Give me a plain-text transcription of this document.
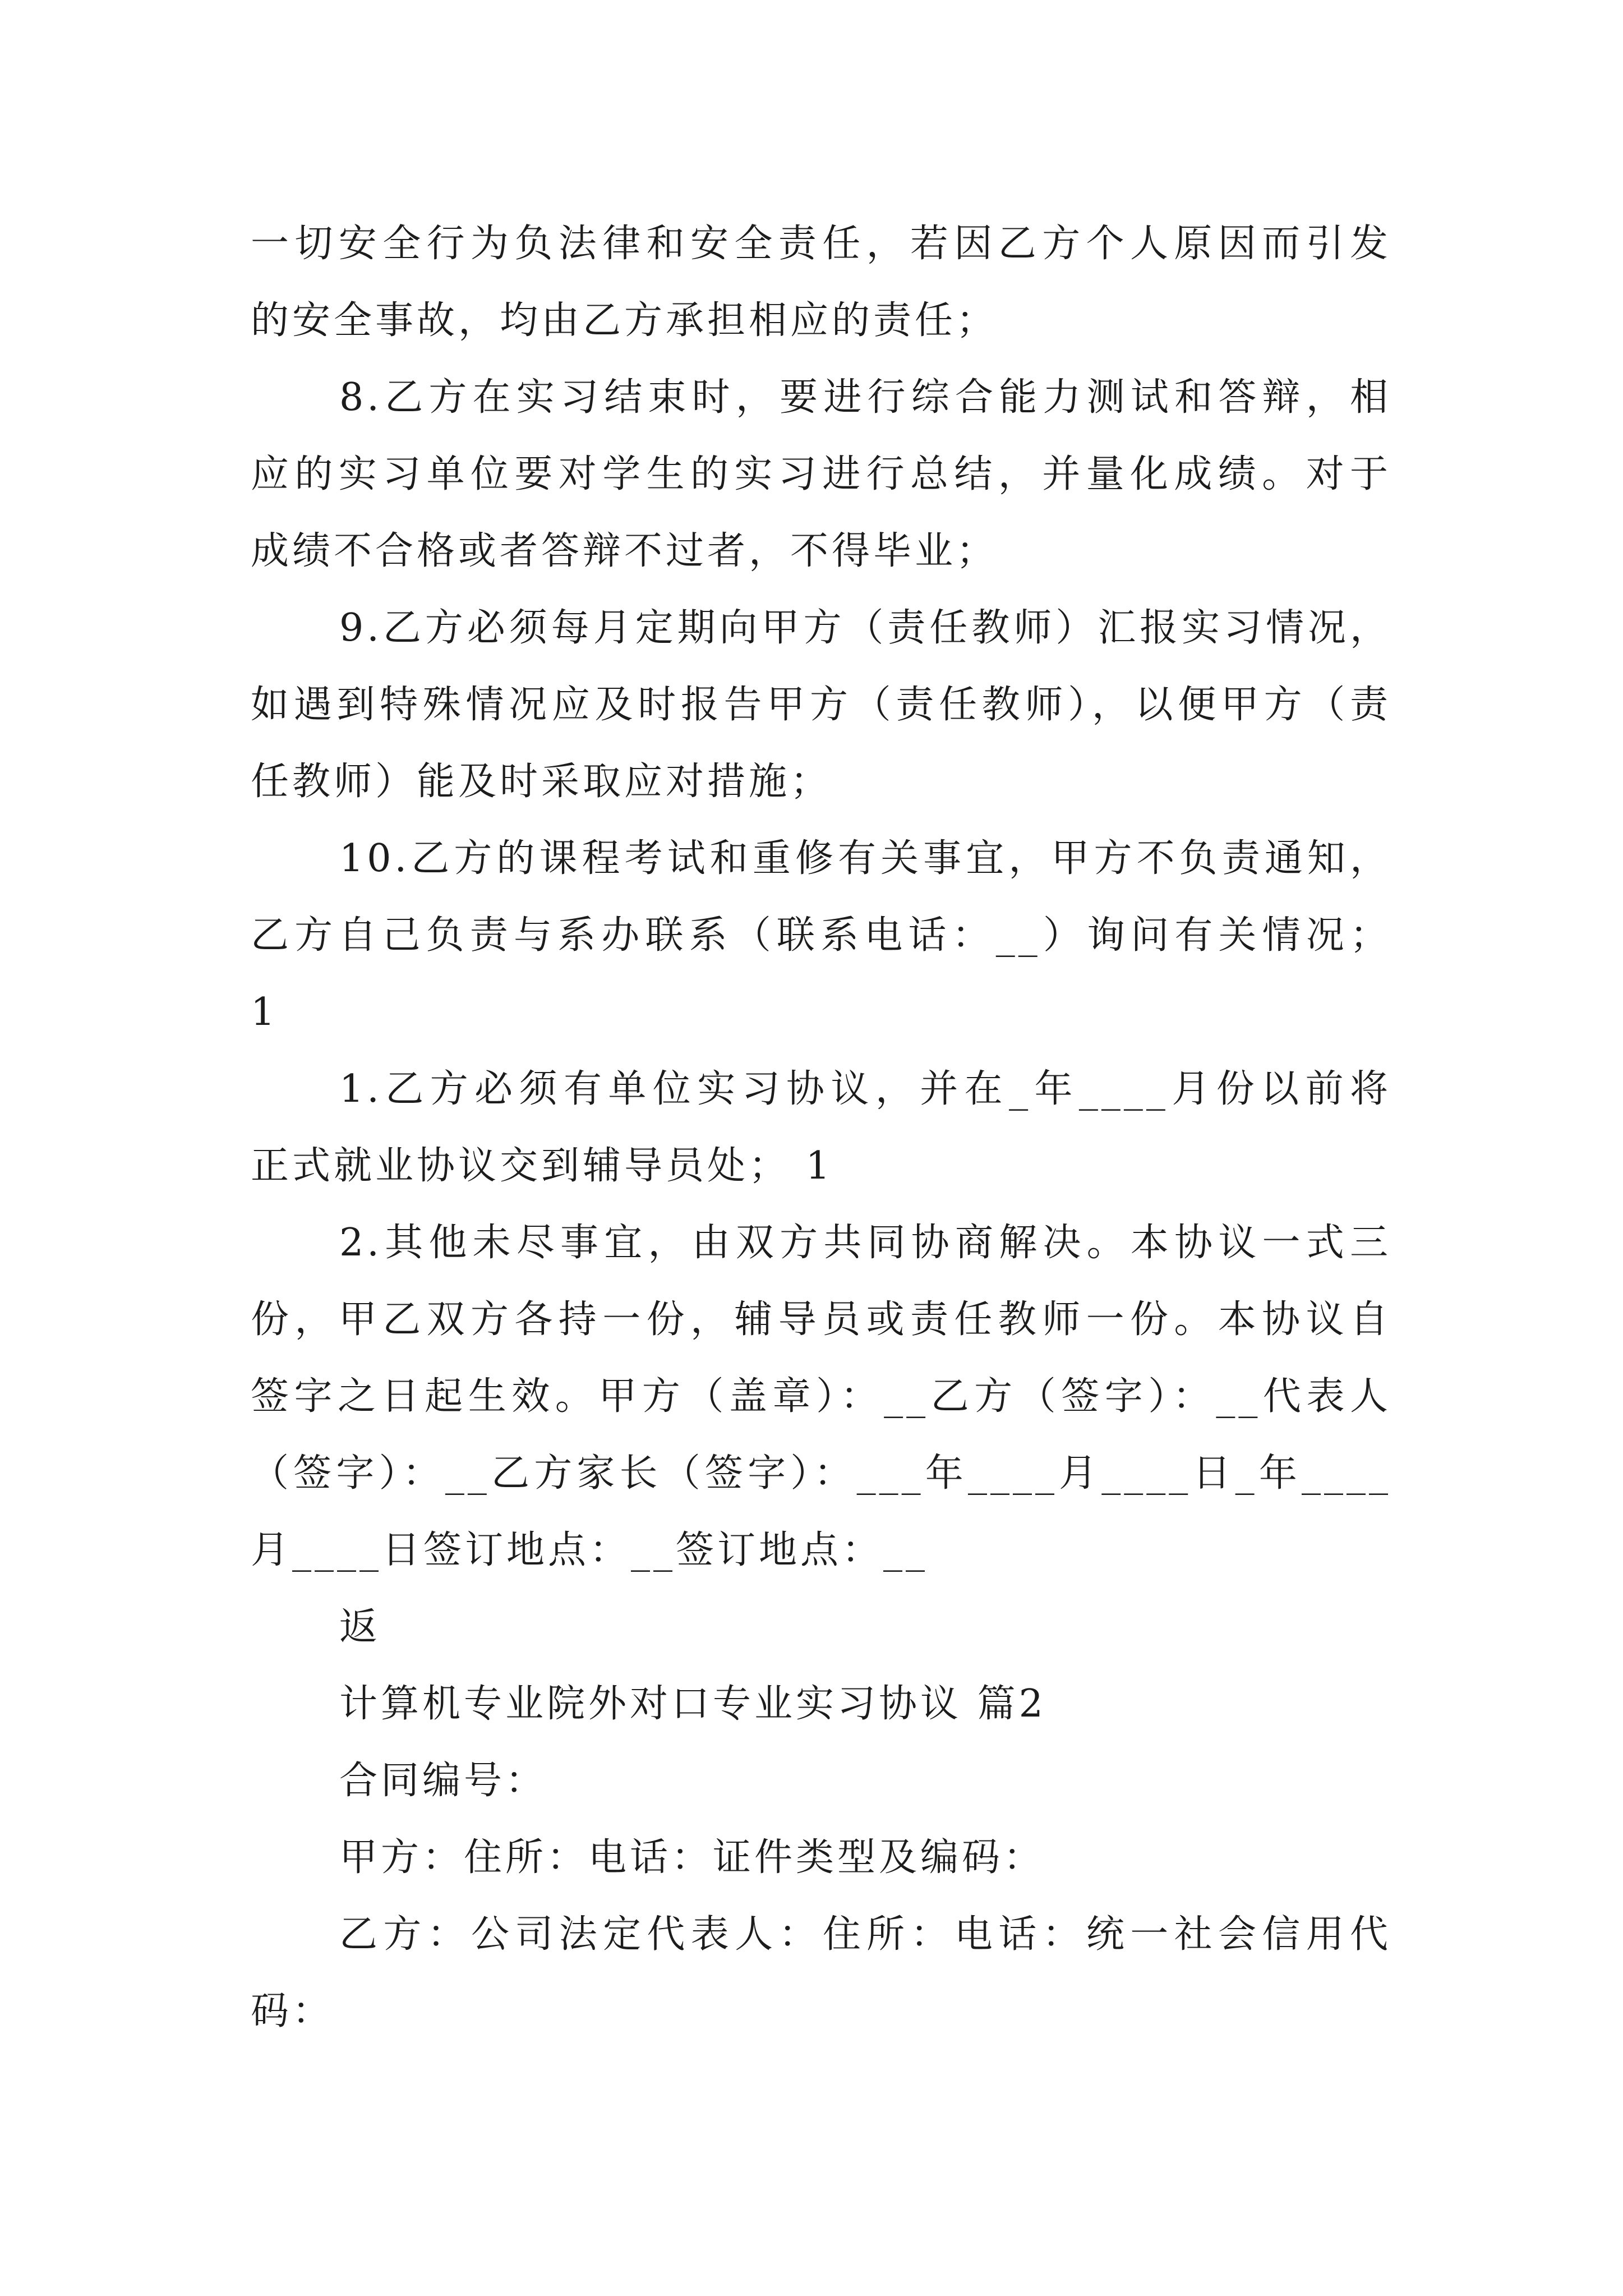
一切安全行为负法律和安全责任，若因乙方个人原因而引发
的安全事故，均由乙方承担相应的责任；
8.乙方在实习结束时，要进行综合能力测试和答辩，相
应的实习单位要对学生的实习进行总结，并量化成绩。对于
成绩不合格或者答辩不过者，不得毕业；
9.乙方必须每月定期向甲方（责任教师）汇报实习情况，
如遇到特殊情况应及时报告甲方（责任教师），以便甲方（责
任教师）能及时采取应对措施；
10.乙方的课程考试和重修有关事宜，甲方不负责通知，
乙方自己负责与系办联系（联系电话：__）询问有关情况；
1
1.乙方必须有单位实习协议，并在_年____月份以前将
正式就业协议交到辅导员处； 1
2.其他未尽事宜，由双方共同协商解决。本协议一式三
份，甲乙双方各持一份，辅导员或责任教师一份。本协议自
签字之日起生效。甲方（盖章）：__乙方（签字）：__代表人
（签字）：__乙方家长（签字）：___年____月____日_年____
月____日签订地点：__签订地点：__
返
计算机专业院外对口专业实习协议 篇2
合同编号：
甲方：住所：电话：证件类型及编码：
乙方：公司法定代表人：住所：电话：统一社会信用代
码：
